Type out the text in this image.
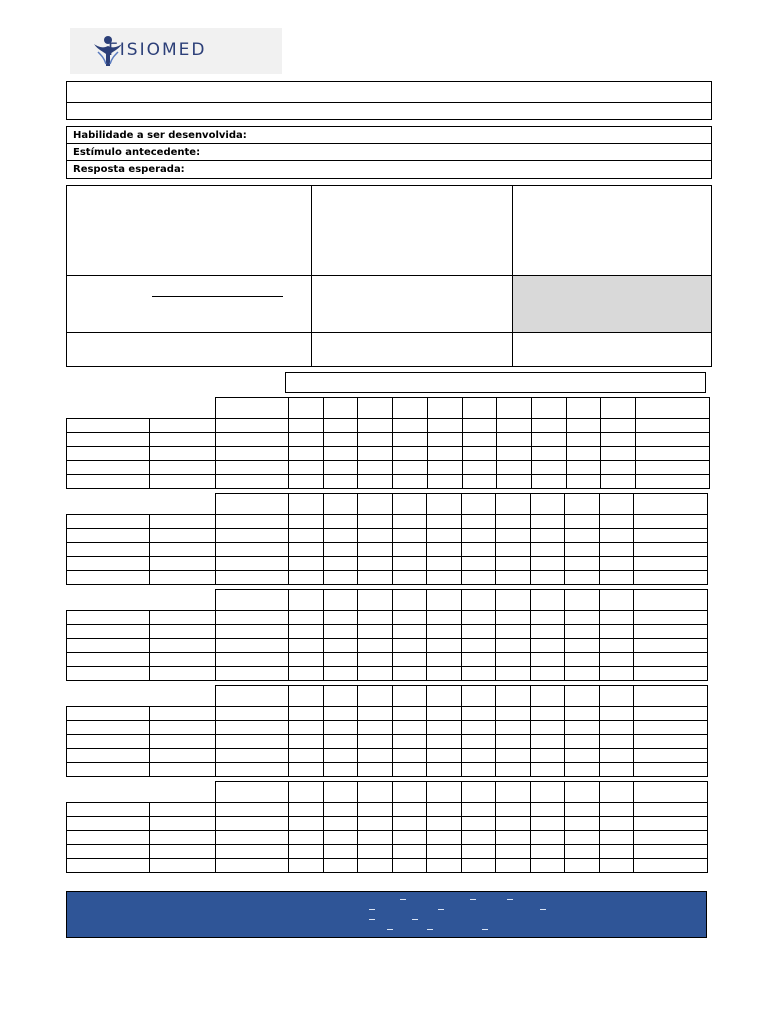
FISIOMED
Habilidade a ser desenvolvida:
Estímulo antecedente:
Resposta esperada:
